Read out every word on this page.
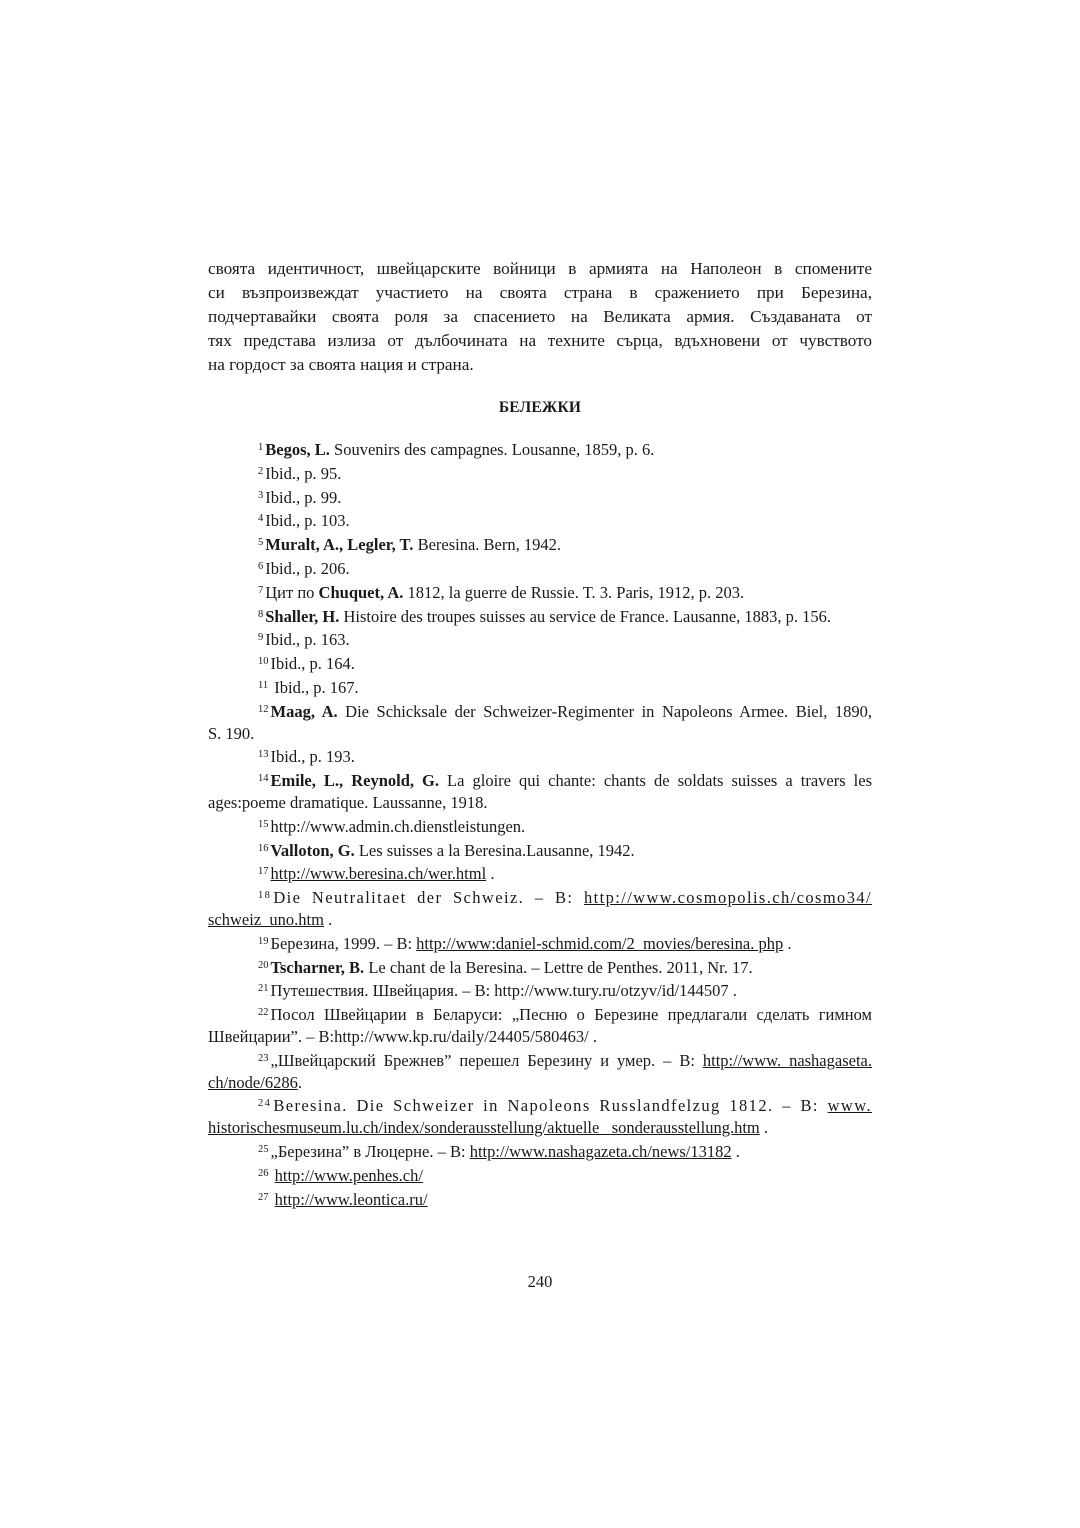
своята идентичност, швейцарските войници в армията на Наполеон в спомените
си възпроизвеждат участието на своята страна в сражението при Березина,
подчертавайки своята роля за спасението на Великата армия. Създаваната от
тях представа излиза от дълбочината на техните сърца, вдъхновени от чувството
на гордост за своята нация и страна.

БЕЛЕЖКИ
$^1$ Begos, L. Souvenirs des campagnes. Lousanne, 1859, p. 6.
$^2$ Ibid., p. 95.
$^3$ Ibid., p. 99.
$^4$ Ibid., p. 103.
$^5$ Muralt, A., Legler, T. Beresina. Bern, 1942.
$^6$ Ibid., p. 206.
$^7$ Цит по Chuquet, A. 1812, la guerre de Russie. T. 3. Paris, 1912, p. 203.
$^8$ Shaller, H. Histoire des troupes suisses au service de France. Lausanne, 1883, p. 156.
$^9$ Ibid., p. 163.
$^{10}$ Ibid., p. 164.
$^{11}$ Ibid., p. 167.
$^{12}$ Maag, A. Die Schicksale der Schweizer-Regimenter in Napoleons Armee. Biel, 1890,
S. 190.
$^{13}$ Ibid., p. 193.
$^{14}$ Emile, L., Reynold, G. La gloire qui chante: chants de soldats suisses a travers les
ages:poeme dramatique. Laussanne, 1918.
$^{15}$ http://www.admin.ch.dienstleistungen.
$^{16}$ Valloton, G. Les suisses a la Beresina.Lausanne, 1942.
$^{17}$ http://www.beresina.ch/wer.html .
$^{18}$ Die Neutralitaet der Schweiz. – В: http://www.cosmopolis.ch/cosmo34/
schweiz_uno.htm .
$^{19}$ Березина, 1999. – В: http://www:daniel-schmid.com/2_movies/beresina. php .
$^{20}$ Tscharner, B. Le chant de la Beresina. – Lettre de Penthes. 2011, Nr. 17.
$^{21}$ Путешествия. Швейцария. – В: http://www.tury.ru/otzyv/id/144507 .
$^{22}$ Посол Швейцарии в Беларуси: „Песню о Березине предлагали сделать гимном
Швейцарии”. – В:http://www.kp.ru/daily/24405/580463/ .
$^{23}$ „Швейцарский Брежнев” перешел Березину и умер. – В: http://www. nashagaseta.
ch/node/6286.
$^{24}$ Beresina. Die Schweizer in Napoleons Russlandfelzug 1812. – В: www.
historischesmuseum.lu.ch/index/sonderausstellung/aktuelle_ sonderausstellung.htm .
$^{25}$ „Березина” в Люцерне. – В: http://www.nashagazeta.ch/news/13182 .
$^{26}$ http://www.penhes.ch/
$^{27}$ http://www.leontica.ru/
240
